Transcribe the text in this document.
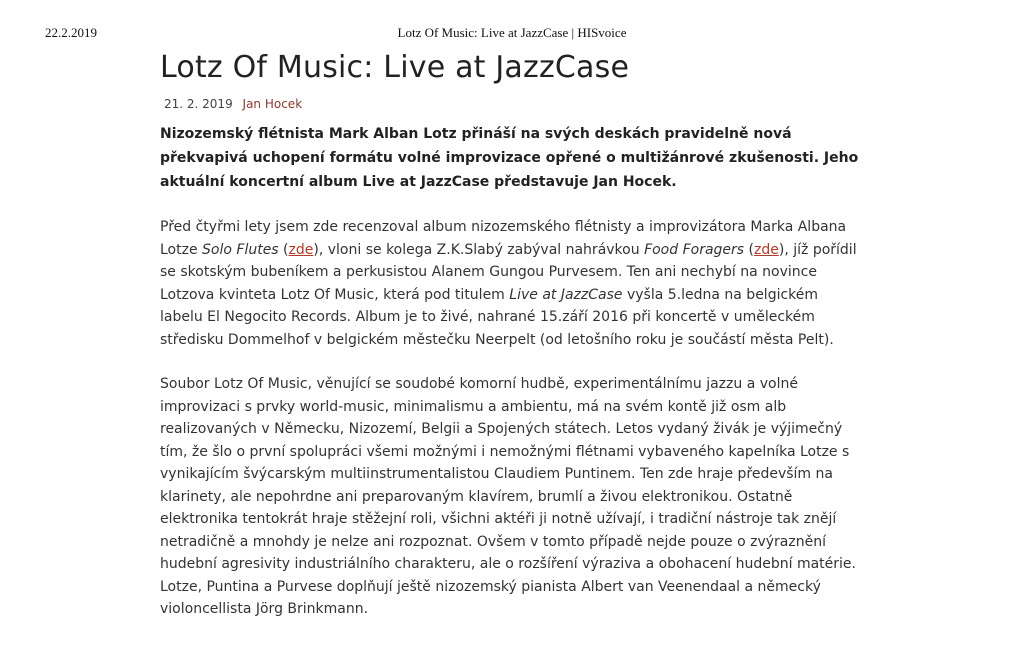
22.2.2019	Lotz Of Music: Live at JazzCase | HISvoice
Lotz Of Music: Live at JazzCase
21. 2. 2019 Jan Hocek
Nizozemský flétnista Mark Alban Lotz přináší na svých deskách pravidelně nová překvapivá uchopení formátu volné improvizace opřené o multižánrové zkušenosti. Jeho aktuální koncertní album Live at JazzCase představuje Jan Hocek.
Před čtyřmi lety jsem zde recenzoval album nizozemského flétnisty a improvizátora Marka Albana Lotze Solo Flutes (zde), vloni se kolega Z.K.Slabý zabýval nahrávkou Food Foragers (zde), jíž pořídil se skotským bubeníkem a perkusistou Alanem Gungou Purvesem. Ten ani nechybí na novince Lotzova kvinteta Lotz Of Music, která pod titulem Live at JazzCase vyšla 5.ledna na belgickém labelu El Negocito Records. Album je to živé, nahrané 15.září 2016 při koncertě v uměleckém středisku Dommelhof v belgickém městečku Neerpelt (od letošního roku je součástí města Pelt).
Soubor Lotz Of Music, věnující se soudobé komorní hudbě, experimentálnímu jazzu a volné improvizaci s prvky world-music, minimalismu a ambientu, má na svém kontě již osm alb realizovaných v Německu, Nizozemí, Belgii a Spojených státech. Letos vydaný živák je výjimečný tím, že šlo o první spolupráci všemi možnými i nemožnými flétnami vybaveného kapelníka Lotze s vynikajícím švýcarským multiinstrumentalistou Claudiem Puntinem. Ten zde hraje především na klarinety, ale nepohrdne ani preparovaným klavírem, brumlí a živou elektronikou. Ostatně elektronika tentokrát hraje stěžejní roli, všichni aktéři ji notně užívají, i tradiční nástroje tak znějí netradičně a mnohdy je nelze ani rozpoznat. Ovšem v tomto případě nejde pouze o zvýraznění hudební agresivity industriálního charakteru, ale o rozšíření výraziva a obohacení hudební matérie. Lotze, Puntina a Purvese doplňují ještě nizozemský pianista Albert van Veenendaal a německý violoncellista Jörg Brinkmann.
